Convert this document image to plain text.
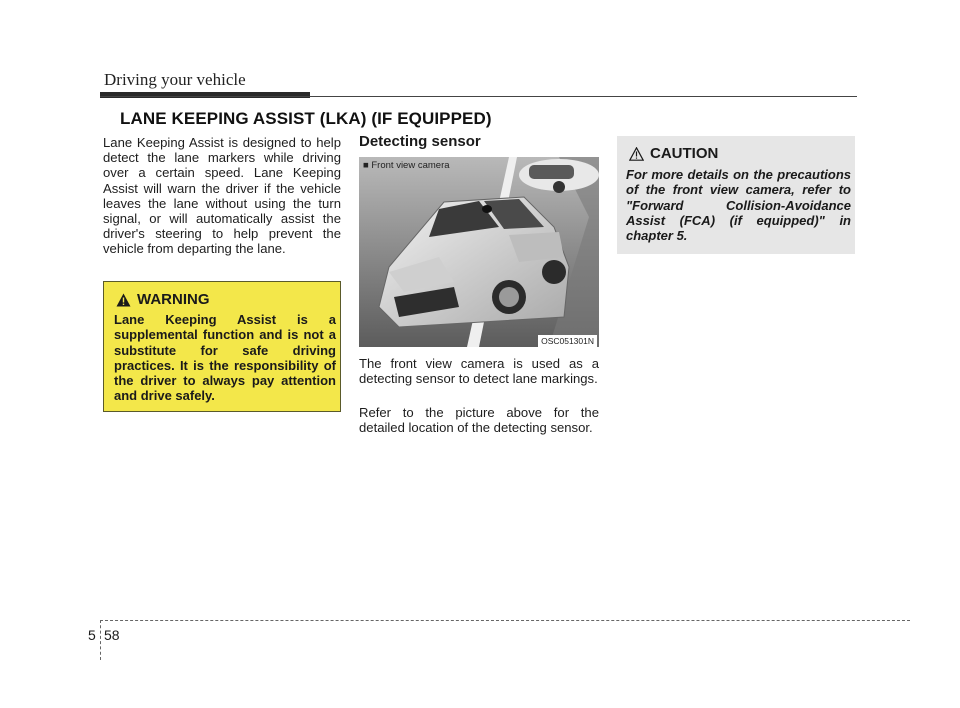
Driving your vehicle
LANE KEEPING ASSIST (LKA) (IF EQUIPPED)

Lane Keeping Assist is designed to help detect the lane markers while driving over a certain speed. Lane Keeping Assist will warn the driver if the vehicle leaves the lane without using the turn signal, or will automatically assist the driver's steering to help prevent the vehicle from departing the lane.

WARNING
Lane Keeping Assist is a supplemental function and is not a substitute for safe driving practices. It is the responsibility of the driver to always pay attention and drive safely.
Detecting sensor
■ Front view camera
OSC051301N

The front view camera is used as a detecting sensor to detect lane markings.

Refer to the picture above for the detailed location of the detecting sensor.

CAUTION
For more details on the precautions of the front view camera, refer to "Forward Collision-Avoidance Assist (FCA) (if equipped)" in chapter 5.
5 58
